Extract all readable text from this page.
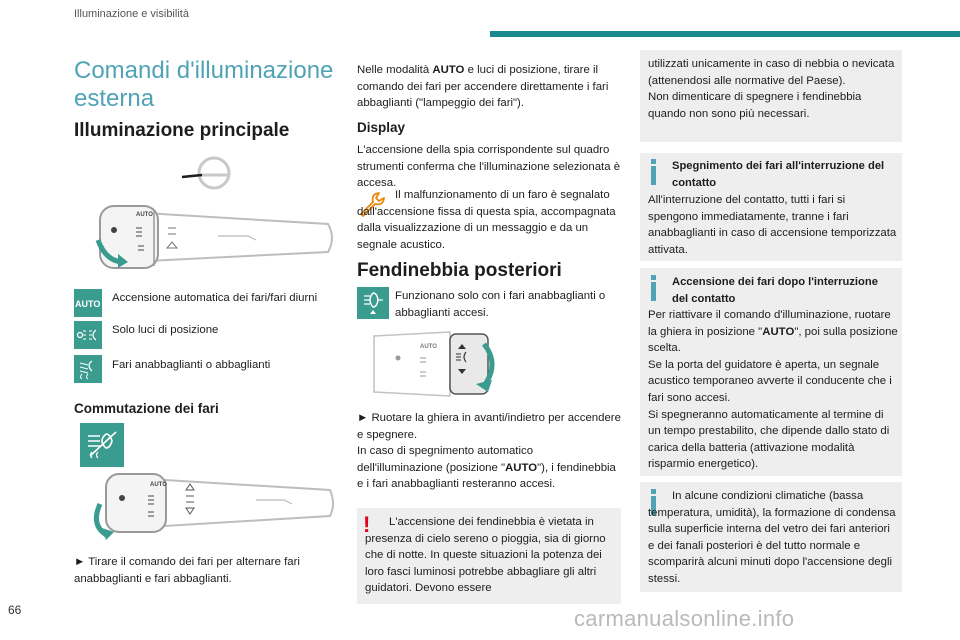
Illuminazione e visibilità
Comandi d'illuminazione esterna
Illuminazione principale
AUTO
AUTO Accensione automatica dei fari/fari diurni
Solo luci di posizione
Fari anabbaglianti o abbaglianti
Commutazione dei fari
AUTO
► Tirare il comando dei fari per alternare fari anabbaglianti e fari abbaglianti.
Nelle modalità AUTO e luci di posizione, tirare il comando dei fari per accendere direttamente i fari abbaglianti ("lampeggio dei fari").
Display
L'accensione della spia corrispondente sul quadro strumenti conferma che l'illuminazione selezionata è accesa.
Il malfunzionamento di un faro è segnalato dall'accensione fissa di questa spia, accompagnata dalla visualizzazione di un messaggio e da un segnale acustico.
Fendinebbia posteriori
Funzionano solo con i fari anabbaglianti o abbaglianti accesi.
AUTO
► Ruotare la ghiera in avanti/indietro per accendere e spegnere.
In caso di spegnimento automatico dell'illuminazione (posizione "AUTO"), i fendinebbia e i fari anabbaglianti resteranno accesi.
!	L'accensione dei fendinebbia è vietata in presenza di cielo sereno o pioggia, sia di giorno che di notte. In queste situazioni la potenza dei loro fasci luminosi potrebbe abbagliare gli altri guidatori. Devono essere
utilizzati unicamente in caso di nebbia o nevicata (attenendosi alle normative del Paese).
Non dimenticare di spegnere i fendinebbia quando non sono più necessari.
Spegnimento dei fari all'interruzione del contatto
All'interruzione del contatto, tutti i fari si spengono immediatamente, tranne i fari anabbaglianti in caso di accensione temporizzata attivata.
Accensione dei fari dopo l'interruzione del contatto
Per riattivare il comando d'illuminazione, ruotare la ghiera in posizione "AUTO", poi sulla posizione scelta.
Se la porta del guidatore è aperta, un segnale acustico temporaneo avverte il conducente che i fari sono accesi.
Si spegneranno automaticamente al termine di un tempo prestabilito, che dipende dallo stato di carica della batteria (attivazione modalità risparmio energetico).
In alcune condizioni climatiche (bassa temperatura, umidità), la formazione di condensa sulla superficie interna del vetro dei fari anteriori e dei fanali posteriori è del tutto normale e scomparirà alcuni minuti dopo l'accensione degli stessi.
66	carmanualsonline.info
